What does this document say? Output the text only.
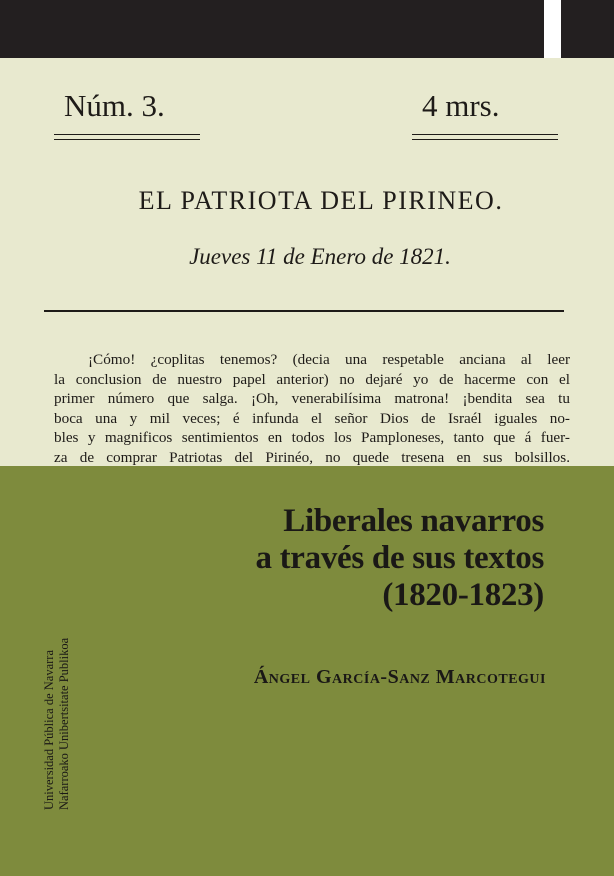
Núm. 3.	4 mrs.
EL PATRIOTA DEL PIRINEO.
Jueves 11 de Enero de 1821.
¡Cómo! ¿coplitas tenemos? (decia una respetable anciana al leer
la conclusion de nuestro papel anterior) no dejaré yo de hacerme con el
primer número que salga. ¡Oh, venerabilísima matrona! ¡bendita sea tu
boca una y mil veces; é infunda el señor Dios de Israél iguales no-
bles y magnificos sentimientos en todos los Pamploneses, tanto que á fuer-
za de comprar Patriotas del Pirinéo, no quede tresena en sus bolsillos.
Liberales navarros
a través de sus textos
(1820-1823)
Ángel García-Sanz Marcotegui
Universidad Pública de Navarra Nafarroako Unibertsitate Publikoa
